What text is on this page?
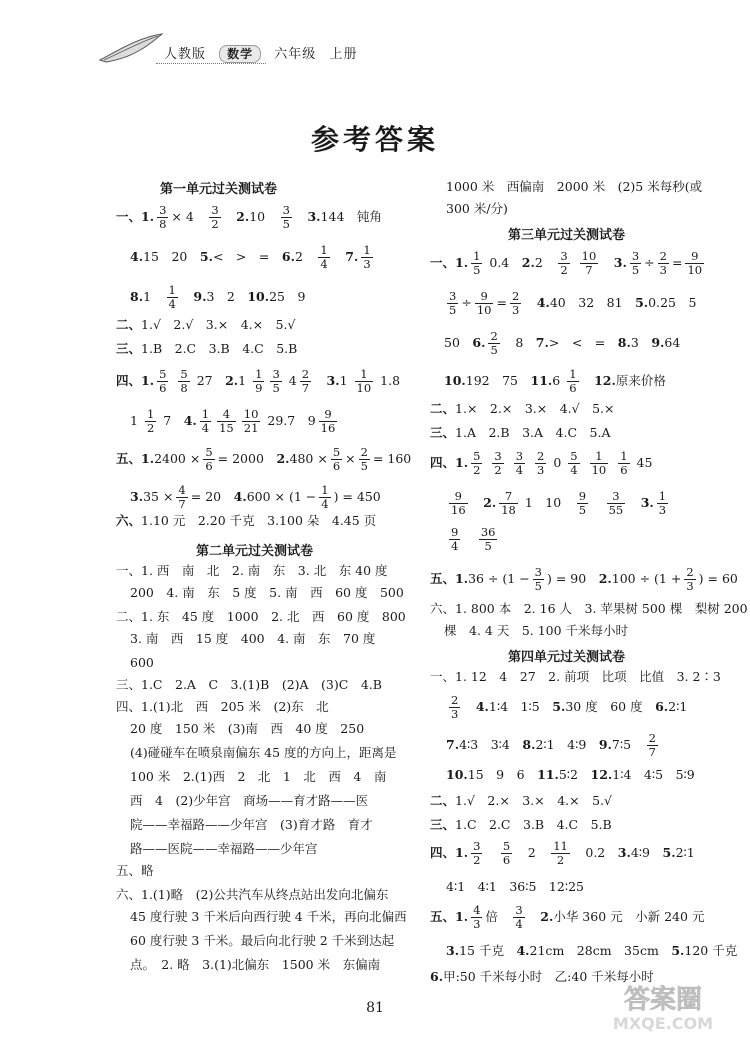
人教版 数学 六年级 上册
参考答案
第一单元过关测试卷
一、1. $\frac{3}{8} \times 4$　 $\frac{3}{2}$
　 2.10　 $\frac{3}{5}$
　 3.144　钝角
4.15　20　 5.<　>　=　 6.2　 $\frac{1}{4}$
　 7. $\frac{1}{3}$
8.1　 $\frac{1}{4}$
　 9.3　2　 10.25　9
二、1.√　2.√　3.×　4.×　5.√
三、1.B　2.C　3.B　4.C　5.B
四、1. $\frac{5}{6}$
$\frac{5}{8} 27$　 $2.1 \frac{1}{9} \frac{3}{5} 4 \frac{2}{7}$
　 $3.1 \frac{1}{10} 1.8$
$1 \frac{1}{2} 7$　 4. $\frac{1}{4} \frac{4}{15} \frac{10}{21} 29.7$　$9 \frac{9}{16}$
五、$1.2400 \times \frac{5}{6} = 2000$　 $2.480 \times \frac{5}{6} \times \frac{2}{5} = 160$
$3.35 \times \frac{4}{7} = 20$　 $4.600 \times (1 - \frac{1}{4}$ ) = 450
六、1.10 元　2.20 千克　3.100 朵　4.45 页
第二单元过关测试卷
一、1. 西　南　北　2. 南　东　3. 北　东 40 度
200　4. 南　东　5 度　5. 南　西　60 度　500
二、1. 东　45 度　1000　2. 北　西　60 度　800
3. 南　西　15 度　400　4. 南　东　70 度
600
三、1.C　2.A　C　3.(1)B　(2)A　(3)C　4.B
四、1.(1)北　西　205 米　(2)东　北
20 度　150 米　(3)南　西　40 度　250
(4)碰碰车在喷泉南偏东 45 度的方向上，距离是
100 米　2.(1)西　2　北　1　北　西　4　南
西　4　(2)少年宫　商场——育才路——医
院——幸福路——少年宫　(3)育才路　育才
路——医院——幸福路——少年宫
五、略
六、1.(1)略　(2)公共汽车从终点站出发向北偏东
45 度行驶 3 千米后向西行驶 4 千米，再向北偏西
60 度行驶 3 千米。最后向北行驶 2 千米到达起
点。　2. 略　3.(1)北偏东　1500 米　东偏南
1000 米　西偏南　2000 米　(2)5 米每秒(或
300 米/分)
第三单元过关测试卷
一、1. $\frac{1}{5} 0.4$　 2.2　 $\frac{3}{2}$
$\frac{10}{7}$
　 3. $\frac{3}{5} \div \frac{2}{3} = \frac{9}{10}$
$\frac{3}{5} \div \frac{9}{10} = \frac{2}{3}$
　 4.40　32　81　 5.0.25　5
50　 6. $\frac{2}{5}$
　 8　 7.>　<　=　 8.3　 9.64
10.192　75　 $11.6 \frac{1}{6}$
　 12.原来价格
二、1.×　2.×　3.×　4.√　5.×
三、1.A　2.B　3.A　4.C　5.A
四、1. $\frac{5}{2}$
$\frac{3}{2}$
$\frac{3}{4}$
$\frac{2}{3} 0 \frac{5}{4}$
$\frac{1}{10}$
$\frac{1}{6} 45$
$\frac{9}{16}$
　 2. $\frac{7}{18} 1$　10　 $\frac{9}{5}$
　 $\frac{3}{55}$
　 3. $\frac{1}{3}$
$\frac{9}{4}$
　 $\frac{36}{5}$
五、$1.36 \div (1 - \frac{3}{5}$ ) = 90　 $2.100 \div (1 + \frac{2}{3}$ ) = 60
六、1. 800 本　2. 16 人　3. 苹果树 500 棵　梨树 200
棵　4. 4 天　5. 100 千米每小时
第四单元过关测试卷
一、1. 12　4　27　2. 前项　比项　比值　3. 2∶3
$\frac{2}{3}$
　 4.1∶4　1∶5　 5.30 度　60 度　 6.2∶1
7.4∶3　3∶4　 8.2∶1　4∶9　 9.7∶5　 $\frac{2}{7}$
10.15　9　6　 11.5∶2　 12.1∶4　4∶5　5∶9
二、1.√　2.×　3.×　4.×　5.√
三、1.C　2.C　3.B　4.C　5.B
四、1. $\frac{3}{2}$
　 $\frac{5}{6}$
　 2　 $\frac{11}{2}$
　 0.2　 3.4∶9　 5.2∶1
4∶1　4∶1　36∶5　12∶25
五、1. $\frac{4}{3}$ 倍　 $\frac{3}{4}$
　 2.小华 360 元　小新 240 元
3.15 千克　 4.21cm　28cm　35cm　 5.120 千克
6.甲:50 千米每小时　乙:40 千米每小时
81	答案圈
MXQE.COM
